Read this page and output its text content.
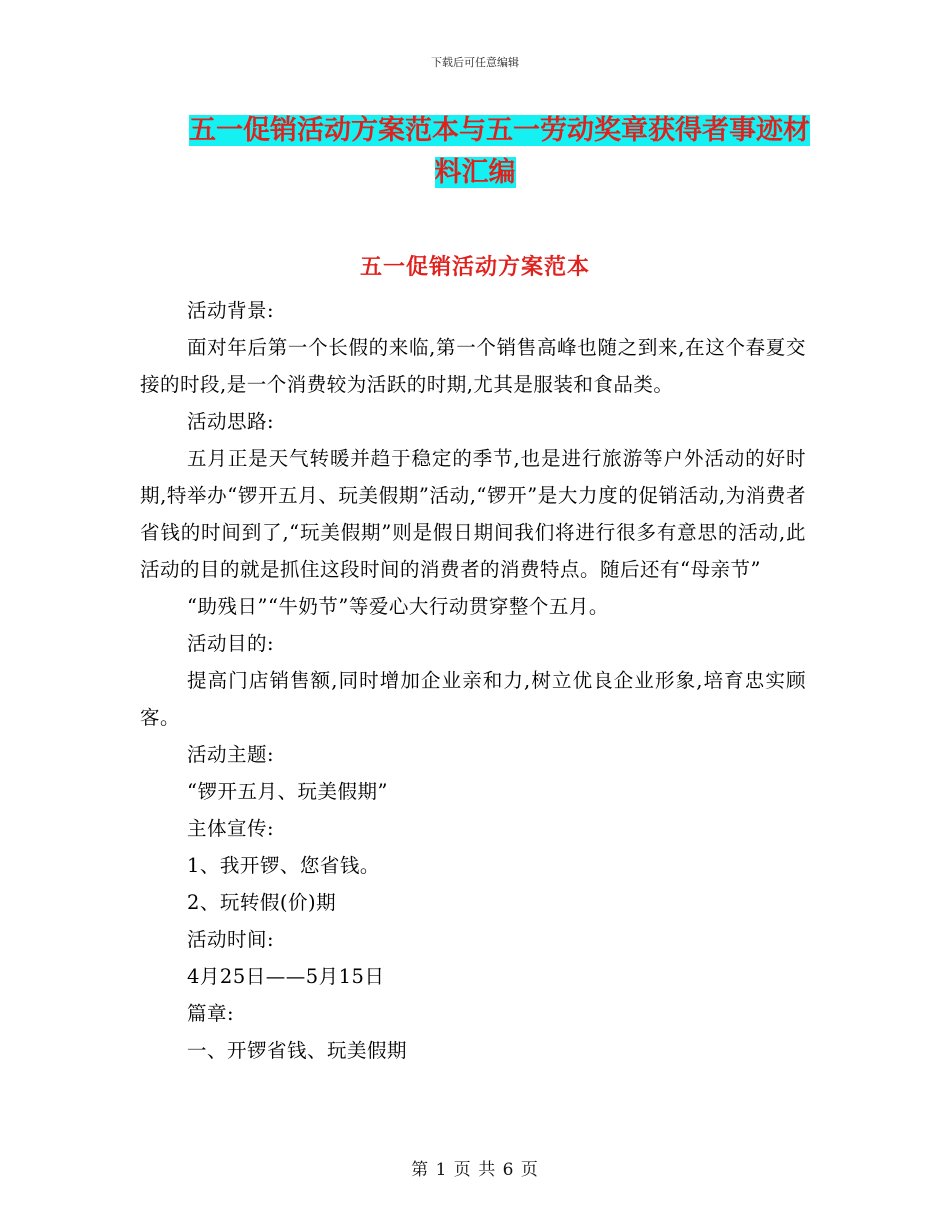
下载后可任意编辑
五一促销活动方案范本与五一劳动奖章获得者事迹材
料汇编
五一促销活动方案范本

活动背景:

面对年后第一个长假的来临,第一个销售高峰也随之到来,在这个春夏交接的时段,是一个消费较为活跃的时期,尤其是服装和食品类。

活动思路:

五月正是天气转暖并趋于稳定的季节,也是进行旅游等户外活动的好时期,特举办“锣开五月、玩美假期”活动,“锣开”是大力度的促销活动,为消费者省钱的时间到了,“玩美假期”则是假日期间我们将进行很多有意思的活动,此活动的目的就是抓住这段时间的消费者的消费特点。随后还有“母亲节”

“助残日”“牛奶节”等爱心大行动贯穿整个五月。

活动目的:

提高门店销售额,同时增加企业亲和力,树立优良企业形象,培育忠实顾客。

活动主题:

“锣开五月、玩美假期”

主体宣传:

1、我开锣、您省钱。

2、玩转假(价)期

活动时间:

4月25日——5月15日

篇章:

一、开锣省钱、玩美假期

第 1 页 共 6 页
